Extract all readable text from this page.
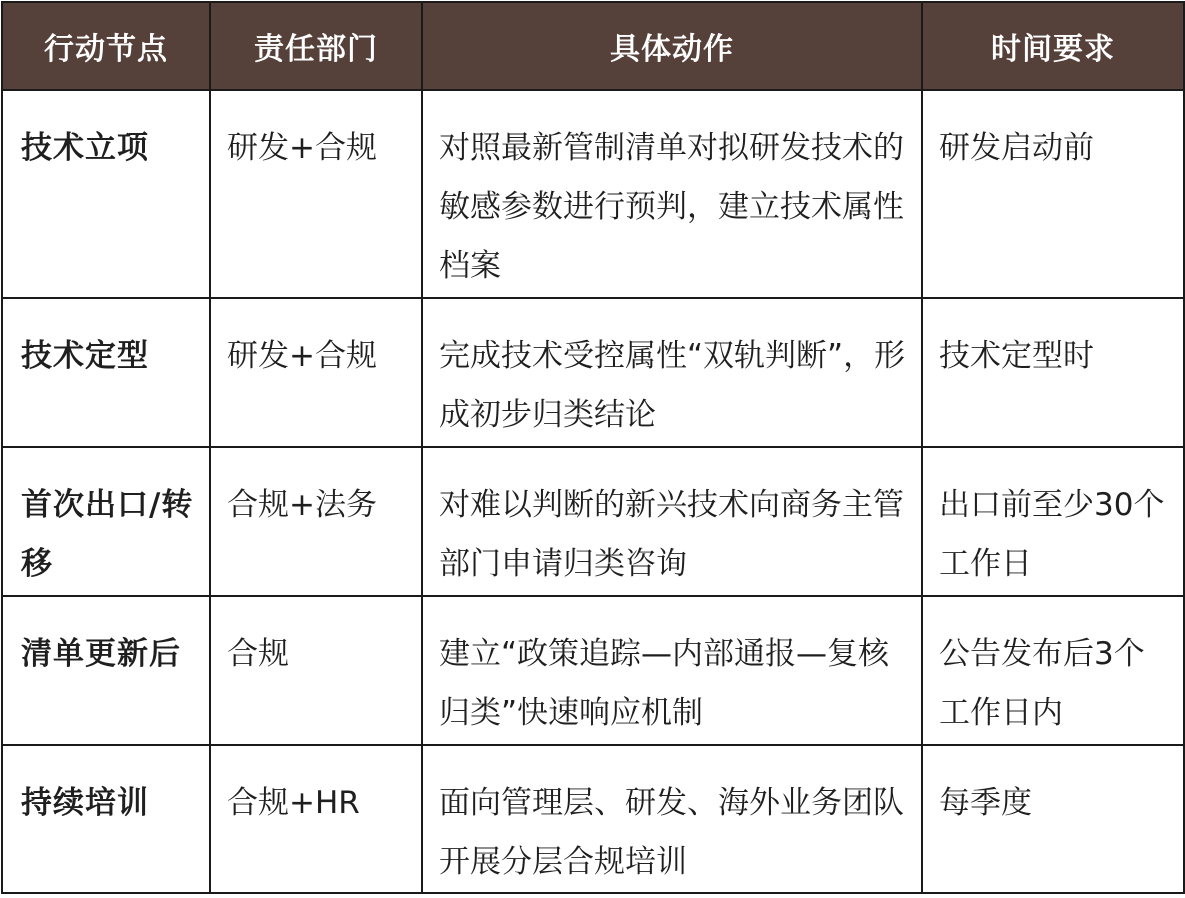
行动节点	责任部门	具体动作	时间要求

技术立项	研发+合规	对照最新管制清单对拟研发技术的敏感参数进行预判，建立技术属性档案	研发启动前

技术定型	研发+合规	完成技术受控属性“双轨判断”，形成初步归类结论	技术定型时

首次出口/转移	合规+法务	对难以判断的新兴技术向商务主管部门申请归类咨询	出口前至少30个工作日

清单更新后	合规	建立“政策追踪—内部通报—复核归类”快速响应机制	公告发布后3个工作日内

持续培训	合规+HR	面向管理层、研发、海外业务团队开展分层合规培训	每季度
